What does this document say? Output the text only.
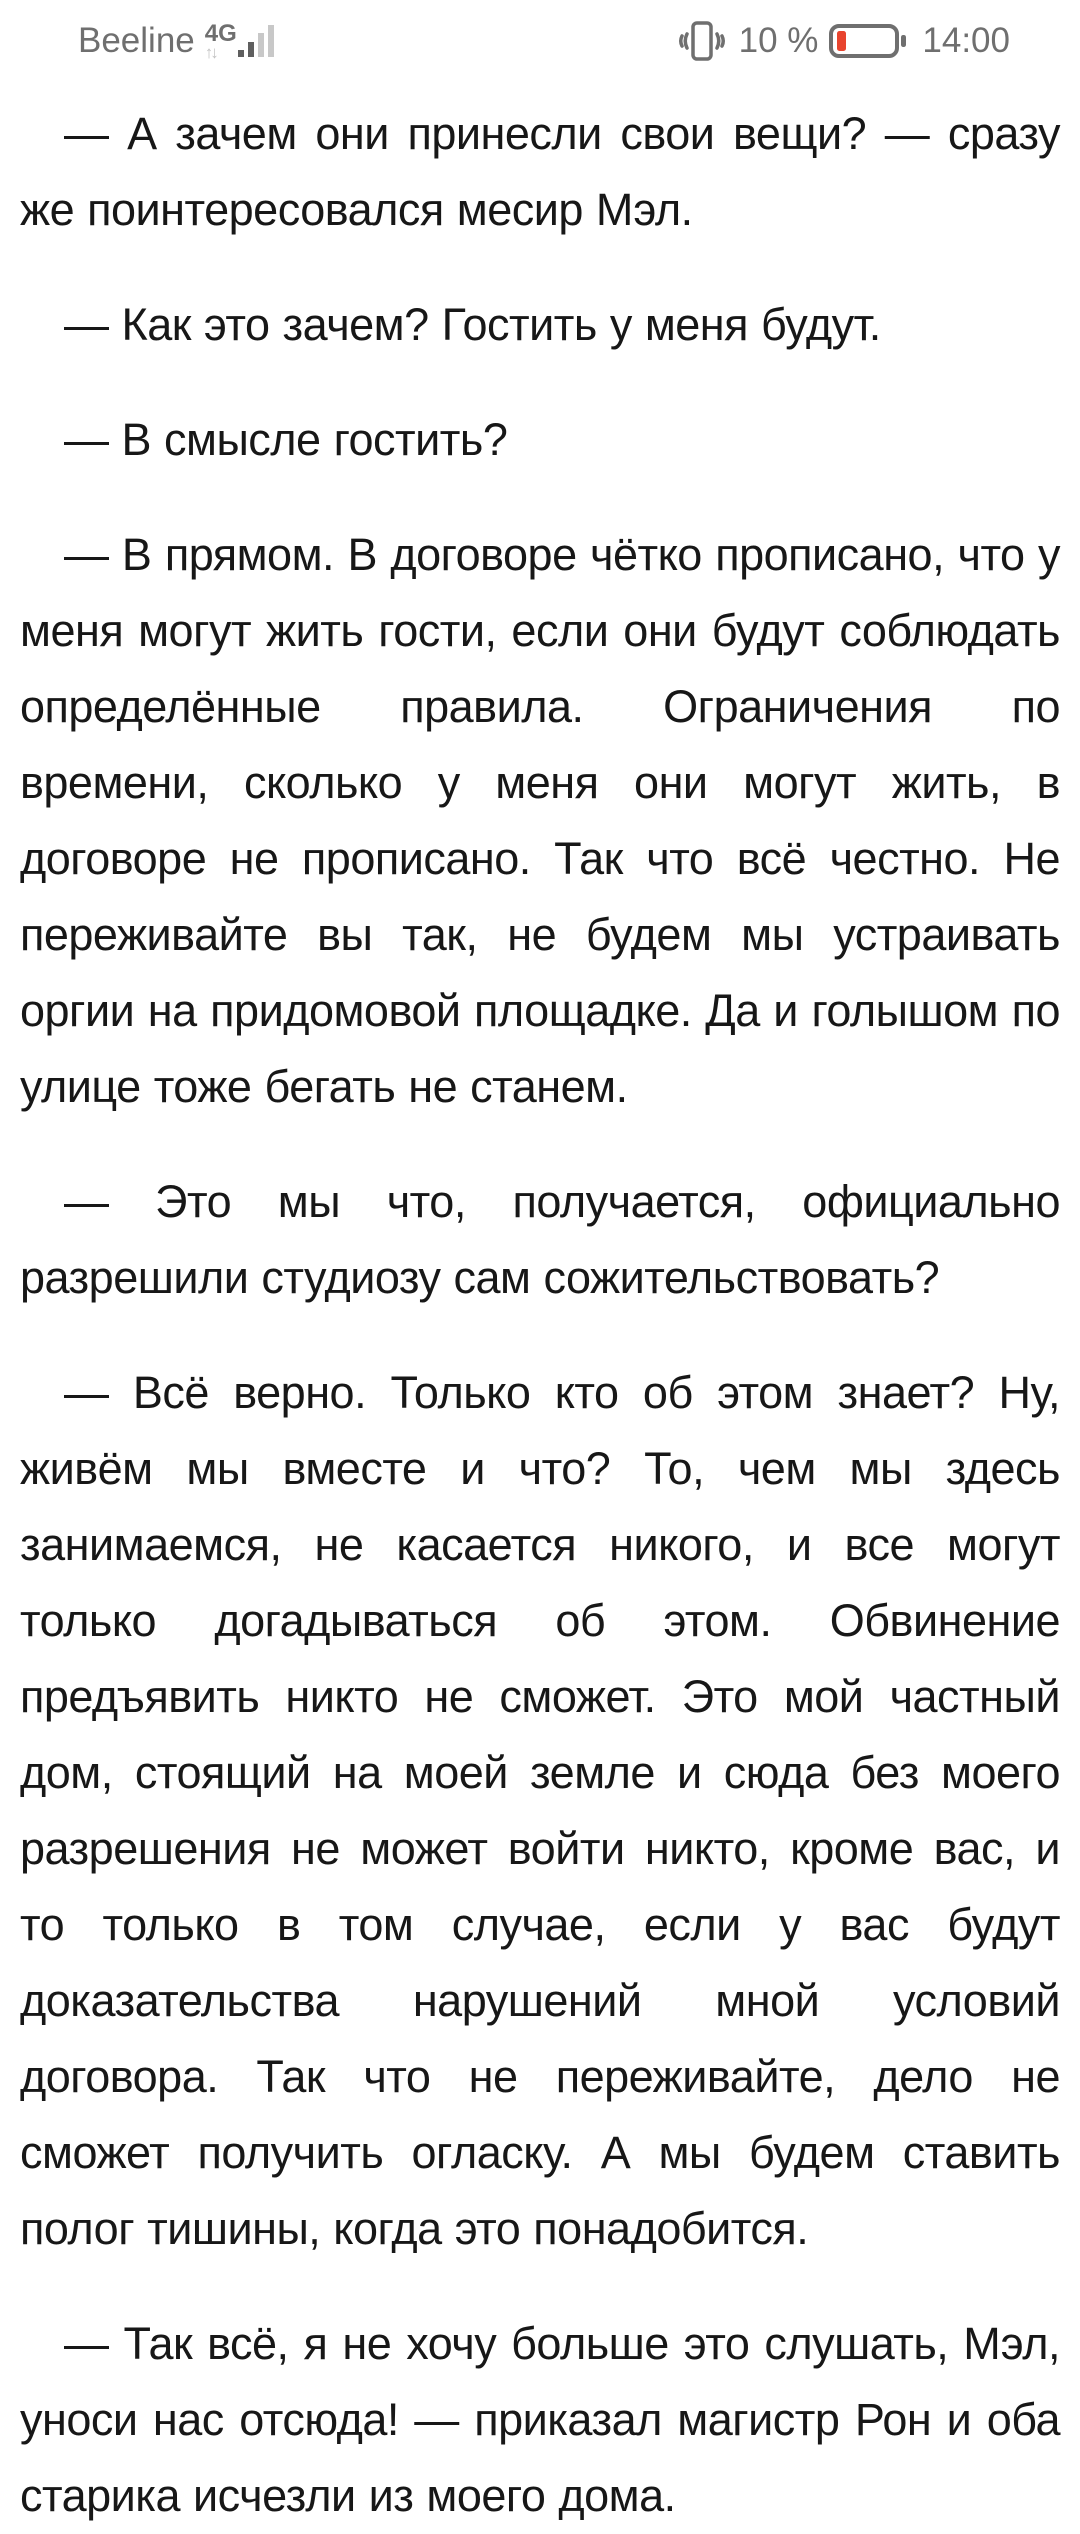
Beeline 4G
↑↓	10 %	14:00

— А зачем они принесли свои вещи? — сразу же поинтересовался месир Мэл.

— Как это зачем? Гостить у меня будут.

— В смысле гостить?

— В прямом. В договоре чётко прописано, что у меня могут жить гости, если они будут соблюдать определённые правила. Ограничения по времени, сколько у меня они могут жить, в договоре не прописано. Так что всё честно. Не переживайте вы так, не будем мы устраивать оргии на придомовой площадке. Да и голышом по улице тоже бегать не станем.

— Это мы что, получается, официально разрешили студиозу сам сожительствовать?

— Всё верно. Только кто об этом знает? Ну, живём мы вместе и что? То, чем мы здесь занимаемся, не касается никого, и все могут только догадываться об этом. Обвинение предъявить никто не сможет. Это мой частный дом, стоящий на моей земле и сюда без моего разрешения не может войти никто, кроме вас, и то только в том случае, если у вас будут доказательства нарушений мной условий договора. Так что не переживайте, дело не сможет получить огласку. А мы будем ставить полог тишины, когда это понадобится.

— Так всё, я не хочу больше это слушать, Мэл, уноси нас отсюда! — приказал магистр Рон и оба старика исчезли из моего дома.
